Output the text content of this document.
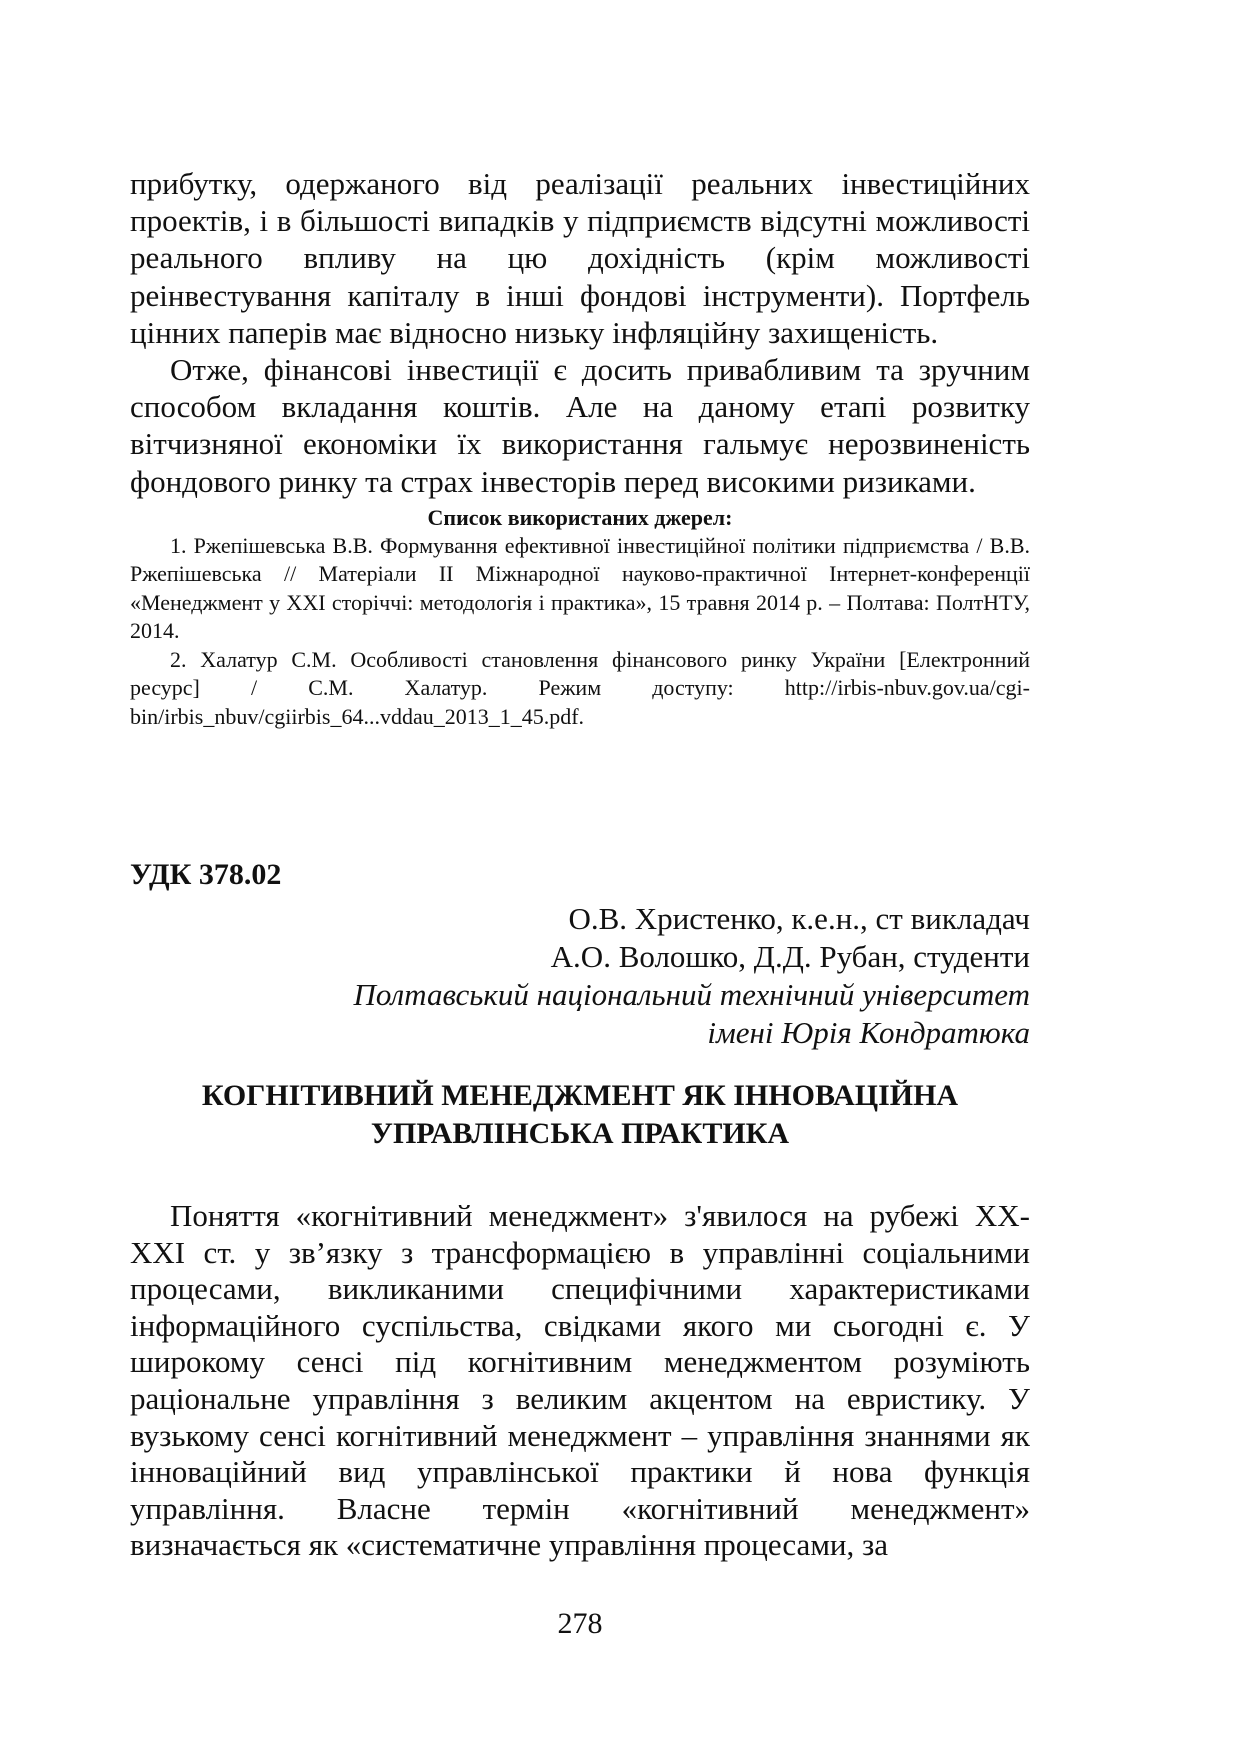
прибутку, одержаного від реалізації реальних інвестиційних проектів, і в більшості випадків у підприємств відсутні можливості реального впливу на цю дохідність (крім можливості реінвестування капіталу в інші фондові інструменти). Портфель цінних паперів має відносно низьку інфляційну захищеність.

Отже, фінансові інвестиції є досить привабливим та зручним способом вкладання коштів. Але на даному етапі розвитку вітчизняної економіки їх використання гальмує нерозвиненість фондового ринку та страх інвесторів перед високими ризиками.

Список використаних джерел:

1. Ржепішевська В.В. Формування ефективної інвестиційної політики підприємства / В.В. Ржепішевська // Матеріали ІІ Міжнародної науково-практичної Інтернет-конференції «Менеджмент у ХХІ сторіччі: методологія і практика», 15 травня 2014 р. – Полтава: ПолтНТУ, 2014.

2. Халатур С.М. Особливості становлення фінансового ринку України [Електронний ресурс] / С.М. Халатур. Режим доступу: http://irbis-nbuv.gov.ua/cgi-bin/irbis_nbuv/cgiirbis_64...vddau_2013_1_45.pdf.

УДК 378.02

О.В. Христенко, к.е.н., ст викладач
А.О. Волошко, Д.Д. Рубан, студенти
Полтавський національний технічний університет
імені Юрія Кондратюка
КОГНІТИВНИЙ МЕНЕДЖМЕНТ ЯК ІННОВАЦІЙНА
УПРАВЛІНСЬКА ПРАКТИКА

Поняття «когнітивний менеджмент» з'явилося на рубежі XX-XXI ст. у зв’язку з трансформацією в управлінні соціальними процесами, викликаними специфічними характеристиками інформаційного суспільства, свідками якого ми сьогодні є. У широкому сенсі під когнітивним менеджментом розуміють раціональне управління з великим акцентом на евристику. У вузькому сенсі когнітивний менеджмент – управління знаннями як інноваційний вид управлінської практики й нова функція управління. Власне термін «когнітивний менеджмент» визначається як «систематичне управління процесами, за

278
